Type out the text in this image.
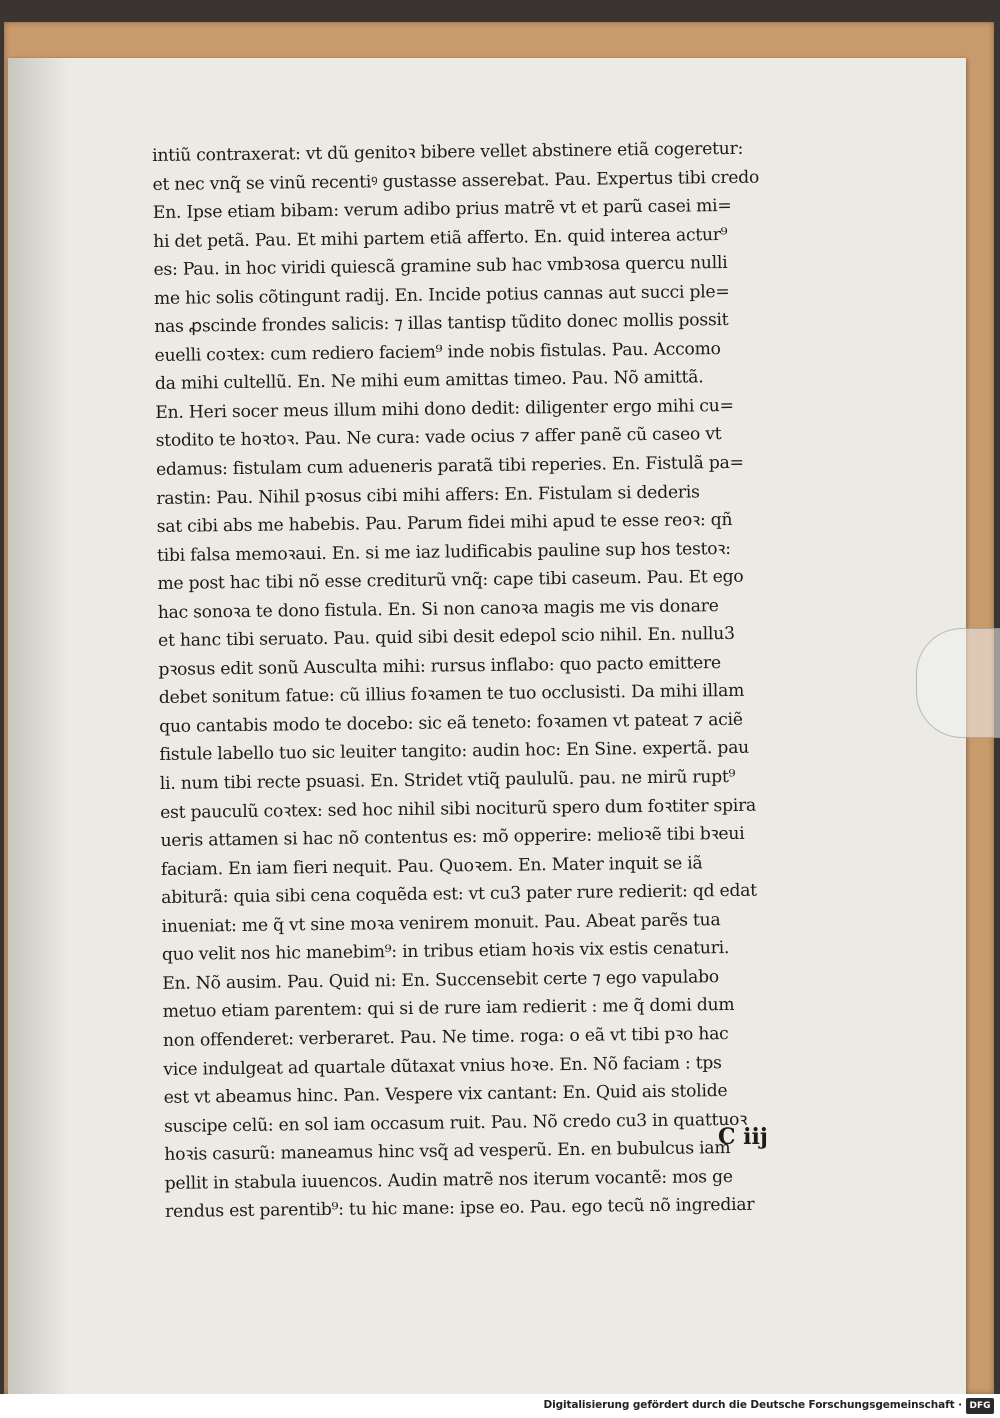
intiũ contraxerat: vt dũ genitoꝛ bibere vellet abstinere etiã cogeretur:
et nec vnq̃ se vinũ recentiꝰ gustasse asserebat. Pau. Expertus tibi credo
En. Ipse etiam bibam: verum adibo prius matrẽ vt et parũ casei mi=
hi det petã. Pau. Et mihi partem etiã afferto. En. quid interea actur⁹
es: Pau. in hoc viridi quiescã gramine sub hac vmbꝛosa quercu nulli
me hic solis cõtingunt radij. En. Incide potius cannas aut succi ple=
nas ꝓscinde frondes salicis: ⁊ illas tantisp tũdito donec mollis possit
euelli coꝛtex: cum rediero faciem⁹ inde nobis fistulas. Pau. Accomo
da mihi cultellũ. En. Ne mihi eum amittas timeo. Pau. Nõ amittã.
En. Heri socer meus illum mihi dono dedit: diligenter ergo mihi cu=
stodito te hoꝛtoꝛ. Pau. Ne cura: vade ocius ⁊ affer panẽ cũ caseo vt
edamus: fistulam cum adueneris paratã tibi reperies. En. Fistulã pa=
rastin: Pau. Nihil pꝛosus cibi mihi affers: En. Fistulam si dederis
sat cibi abs me habebis. Pau. Parum fidei mihi apud te esse reoꝛ: qñ
tibi falsa memoꝛaui. En. si me iaz ludificabis pauline sup hos testoꝛ:
me post hac tibi nõ esse crediturũ vnq̃: cape tibi caseum. Pau. Et ego
hac sonoꝛa te dono fistula. En. Si non canoꝛa magis me vis donare
et hanc tibi seruato. Pau. quid sibi desit edepol scio nihil. En. nullu3
pꝛosus edit sonũ Ausculta mihi: rursus inflabo: quo pacto emittere
debet sonitum fatue: cũ illius foꝛamen te tuo occlusisti. Da mihi illam
quo cantabis modo te docebo: sic eã teneto: foꝛamen vt pateat ⁊ aciẽ
fistule labello tuo sic leuiter tangito: audin hoc: En Sine. expertã. pau
li. num tibi recte psuasi. En. Stridet vtiq̃ paululũ. pau. ne mirũ rupt⁹
est pauculũ coꝛtex: sed hoc nihil sibi nociturũ spero dum foꝛtiter spira
ueris attamen si hac nõ contentus es: mõ opperire: melioꝛẽ tibi bꝛeui
faciam. En iam fieri nequit. Pau. Quoꝛem. En. Mater inquit se iã
abiturã: quia sibi cena coquẽda est: vt cu3 pater rure redierit: qd edat
inueniat: me q̃ vt sine moꝛa venirem monuit. Pau. Abeat parẽs tua
quo velit nos hic manebim⁹: in tribus etiam hoꝛis vix estis cenaturi.
En. Nõ ausim. Pau. Quid ni: En. Succensebit certe ⁊ ego vapulabo
metuo etiam parentem: qui si de rure iam redierit : me q̃ domi dum
non offenderet: verberaret. Pau. Ne time. roga: o eã vt tibi pꝛo hac
vice indulgeat ad quartale dũtaxat vnius hoꝛe. En. Nõ faciam : tps
est vt abeamus hinc. Pan. Vespere vix cantant: En. Quid ais stolide
suscipe celũ: en sol iam occasum ruit. Pau. Nõ credo cu3 in quattuoꝛ
hoꝛis casurũ: maneamus hinc vsq̃ ad vesperũ. En. en bubulcus iam
pellit in stabula iuuencos. Audin matrẽ nos iterum vocantẽ: mos ge
rendus est parentib⁹: tu hic mane: ipse eo. Pau. ego tecũ nõ ingrediar
C iij
Digitalisierung gefördert durch die Deutsche Forschungsgemeinschaft · DFG
